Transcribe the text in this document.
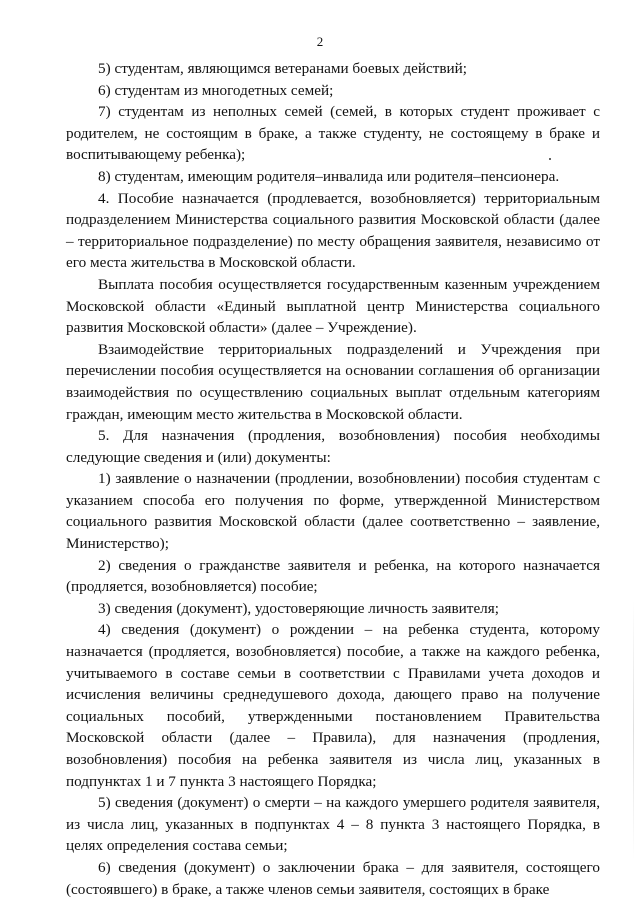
2

5) студентам, являющимся ветеранами боевых действий;

6) студентам из многодетных семей;

7) студентам из неполных семей (семей, в которых студент проживает с родителем, не состоящим в браке, а также студенту, не состоящему в браке и воспитывающему ребенка);

8) студентам, имеющим родителя–инвалида или родителя–пенсионера.

4. Пособие назначается (продлевается, возобновляется) территориальным подразделением Министерства социального развития Московской области (далее – территориальное подразделение) по месту обращения заявителя, независимо от его места жительства в Московской области.

Выплата пособия осуществляется государственным казенным учреждением Московской области «Единый выплатной центр Министерства социального развития Московской области» (далее – Учреждение).

Взаимодействие территориальных подразделений и Учреждения при перечислении пособия осуществляется на основании соглашения об организации взаимодействия по осуществлению социальных выплат отдельным категориям граждан, имеющим место жительства в Московской области.

5. Для назначения (продления, возобновления) пособия необходимы следующие сведения и (или) документы:

1) заявление о назначении (продлении, возобновлении) пособия студентам с указанием способа его получения по форме, утвержденной Министерством социального развития Московской области (далее соответственно – заявление, Министерство);

2) сведения о гражданстве заявителя и ребенка, на которого назначается (продляется, возобновляется) пособие;

3) сведения (документ), удостоверяющие личность заявителя;

4) сведения (документ) о рождении – на ребенка студента, которому назначается (продляется, возобновляется) пособие, а также на каждого ребенка, учитываемого в составе семьи в соответствии с Правилами учета доходов и исчисления величины среднедушевого дохода, дающего право на получение социальных пособий, утвержденными постановлением Правительства Московской области (далее – Правила), для назначения (продления, возобновления) пособия на ребенка заявителя из числа лиц, указанных в подпунктах 1 и 7 пункта 3 настоящего Порядка;

5) сведения (документ) о смерти – на каждого умершего родителя заявителя, из числа лиц, указанных в подпунктах 4 – 8 пункта 3 настоящего Порядка, в целях определения состава семьи;

6) сведения (документ) о заключении брака – для заявителя, состоящего (состоявшего) в браке, а также членов семьи заявителя, состоящих в браке
